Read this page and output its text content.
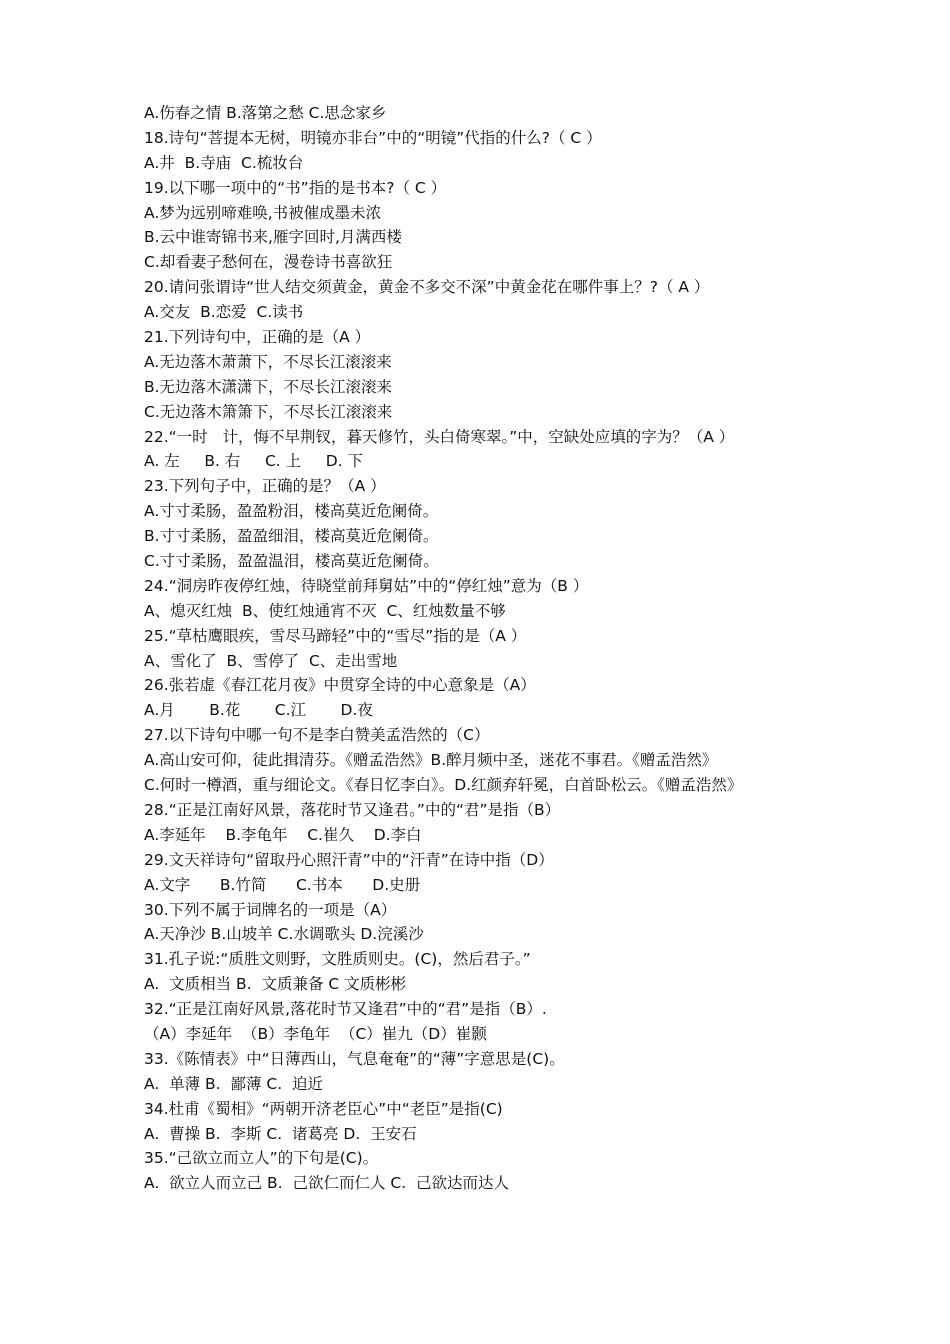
A.伤春之情 B.落第之愁 C.思念家乡
18.诗句“菩提本无树，明镜亦非台”中的“明镜”代指的什么?（ C ）
A.井  B.寺庙  C.梳妆台
19.以下哪一项中的“书”指的是书本?（ C ）
A.梦为远别啼难唤,书被催成墨未浓
B.云中谁寄锦书来,雁字回时,月满西楼
C.却看妻子愁何在，漫卷诗书喜欲狂
20.请问张谓诗“世人结交须黄金，黄金不多交不深”中黄金花在哪件事上？?（ A ）
A.交友  B.恋爱  C.读书
21.下列诗句中，正确的是（A ）
A.无边落木萧萧下，不尽长江滚滚来
B.无边落木潇潇下，不尽长江滚滚来
C.无边落木箫箫下，不尽长江滚滚来
22.“一时   计，悔不早荆钗，暮天修竹，头白倚寒翠。”中，空缺处应填的字为？（A ）
A. 左     B. 右     C. 上     D. 下
23.下列句子中，正确的是？（A ）
A.寸寸柔肠，盈盈粉泪，楼高莫近危阑倚。
B.寸寸柔肠，盈盈细泪，楼高莫近危阑倚。
C.寸寸柔肠，盈盈温泪，楼高莫近危阑倚。
24.“洞房昨夜停红烛，待晓堂前拜舅姑”中的“停红烛”意为（B ）
A、熄灭红烛  B、使红烛通宵不灭  C、红烛数量不够
25.“草枯鹰眼疾，雪尽马蹄轻”中的“雪尽”指的是（A ）
A、雪化了  B、雪停了  C、走出雪地
26.张若虚《春江花月夜》中贯穿全诗的中心意象是（A）
A.月       B.花       C.江       D.夜
27.以下诗句中哪一句不是李白赞美孟浩然的（C）
A.高山安可仰，徒此揖清芬。《赠孟浩然》B.醉月频中圣，迷花不事君。《赠孟浩然》
C.何时一樽酒，重与细论文。《春日忆李白》。D.红颜弃轩冕，白首卧松云。《赠孟浩然》
28.“正是江南好风景，落花时节又逢君。”中的“君”是指（B）
A.李延年    B.李龟年    C.崔久    D.李白
29.文天祥诗句“留取丹心照汗青”中的“汗青”在诗中指（D）
A.文字      B.竹简      C.书本      D.史册
30.下列不属于词牌名的一项是（A）
A.天净沙 B.山坡羊 C.水调歌头 D.浣溪沙
31.孔子说:“质胜文则野，文胜质则史。(C)，然后君子。”
A.  文质相当 B.  文质兼备 C 文质彬彬
32.“正是江南好风景,落花时节又逢君”中的“君”是指（B）.
（A）李延年  （B）李龟年  （C）崔九（D）崔颢
33.《陈情表》中“日薄西山，气息奄奄”的“薄”字意思是(C)。
A.  单薄 B.  鄙薄 C.  迫近
34.杜甫《蜀相》“两朝开济老臣心”中“老臣”是指(C)
A.  曹操 B.  李斯 C.  诸葛亮 D.  王安石
35.“己欲立而立人”的下句是(C)。
A.  欲立人而立己 B.  己欲仁而仁人 C.  己欲达而达人
